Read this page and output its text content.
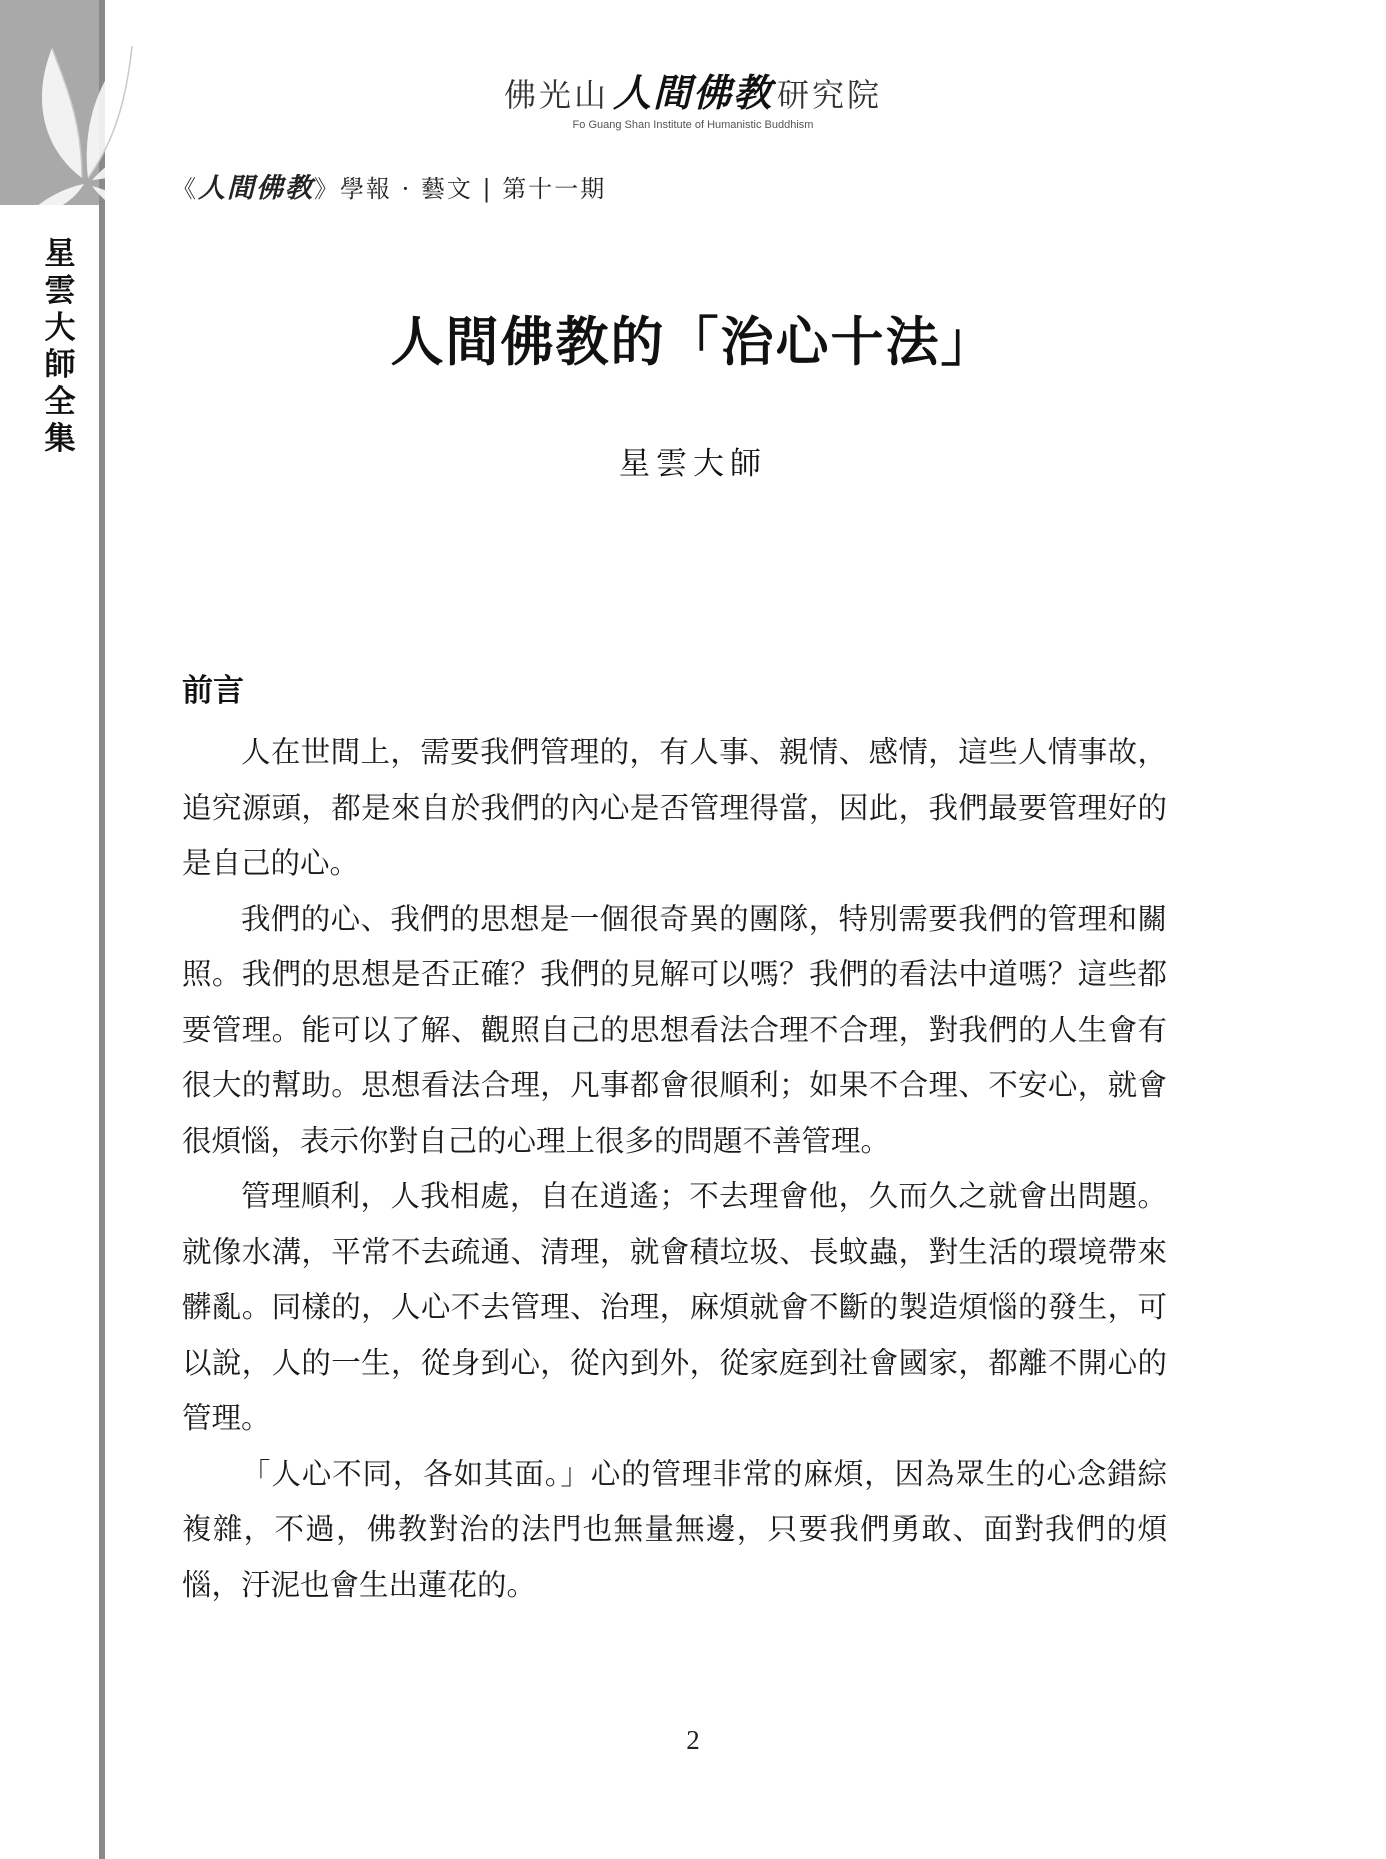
星
雲
大
師
全
集
佛光山 人間佛教 研究院
Fo Guang Shan Institute of Humanistic Buddhism
《人間佛教》學報 · 藝文 | 第十一期
人間佛教的「治心十法」
星雲大師
前言

人在世間上，需要我們管理的，有人事、親情、感情，這些人情事故，追究源頭，都是來自於我們的內心是否管理得當，因此，我們最要管理好的是自己的心。

我們的心、我們的思想是一個很奇異的團隊，特別需要我們的管理和關照。我們的思想是否正確？我們的見解可以嗎？我們的看法中道嗎？這些都要管理。能可以了解、觀照自己的思想看法合理不合理，對我們的人生會有很大的幫助。思想看法合理，凡事都會很順利；如果不合理、不安心，就會很煩惱，表示你對自己的心理上很多的問題不善管理。

管理順利，人我相處，自在逍遙；不去理會他，久而久之就會出問題。就像水溝，平常不去疏通、清理，就會積垃圾、長蚊蟲，對生活的環境帶來髒亂。同樣的，人心不去管理、治理，麻煩就會不斷的製造煩惱的發生，可以說，人的一生，從身到心，從內到外，從家庭到社會國家，都離不開心的管理。

「人心不同，各如其面。」心的管理非常的麻煩，因為眾生的心念錯綜複雜，不過，佛教對治的法門也無量無邊，只要我們勇敢、面對我們的煩惱，汙泥也會生出蓮花的。

2
